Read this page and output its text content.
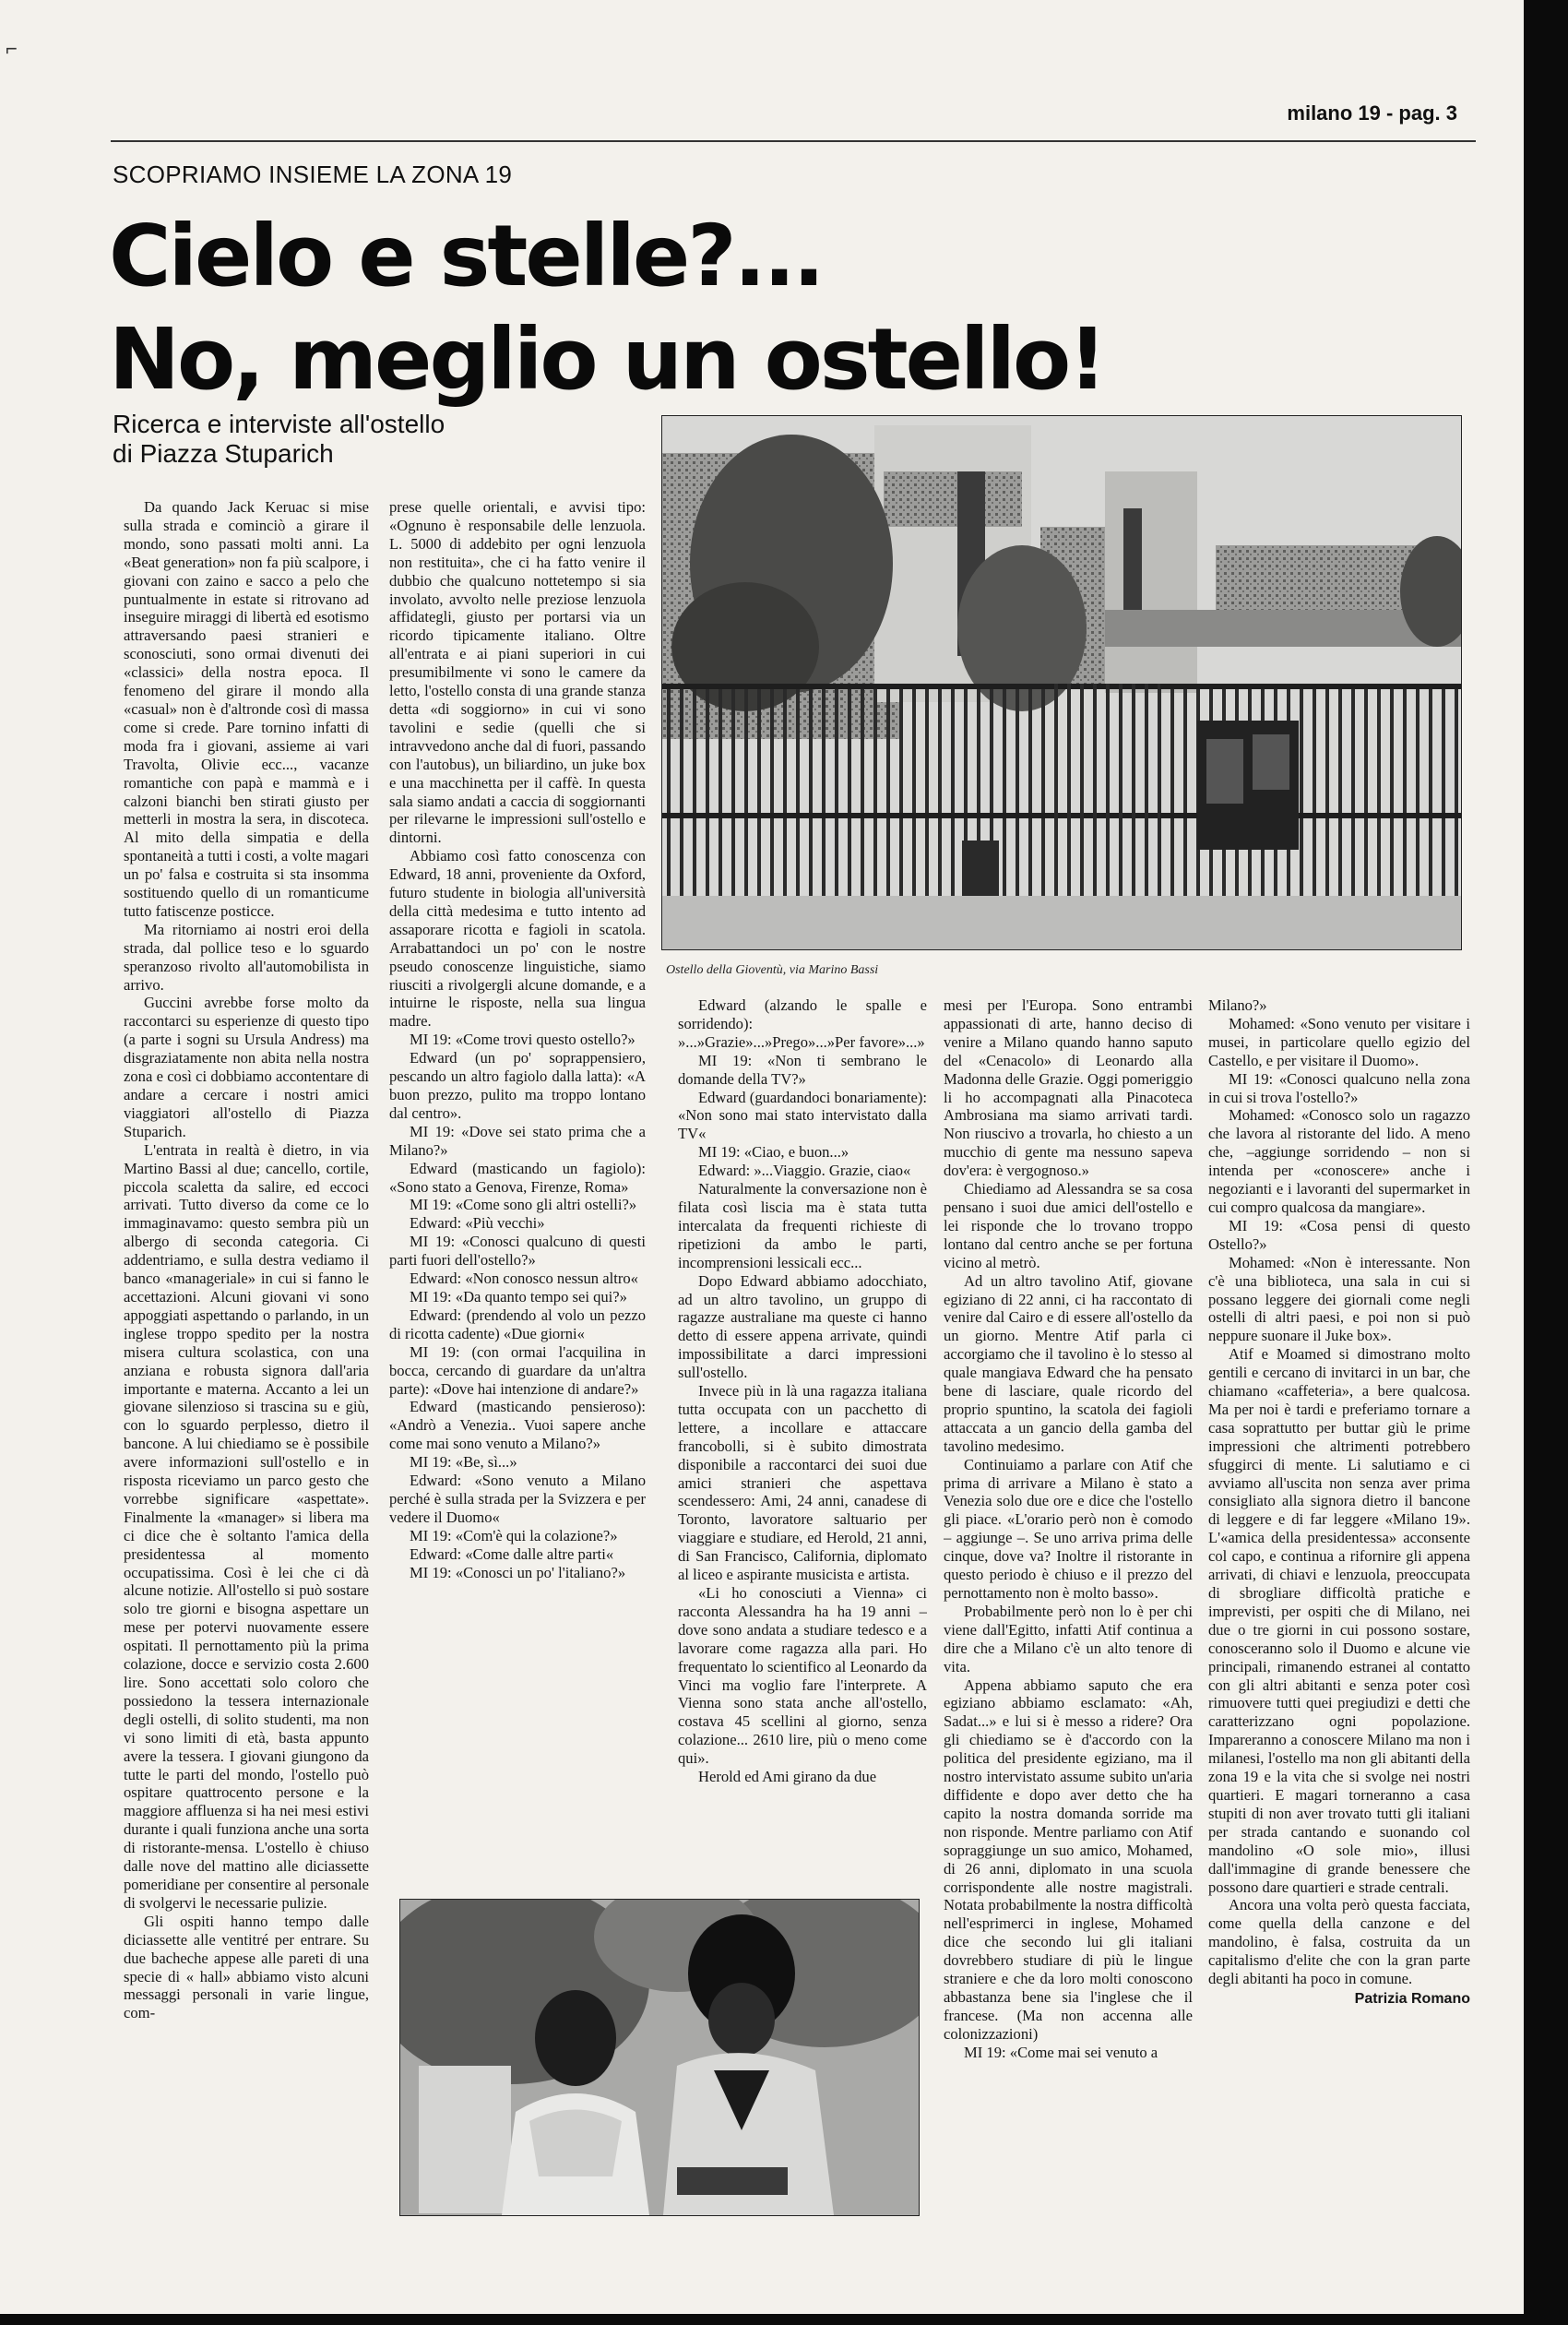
⌐
milano 19 - pag. 3
SCOPRIAMO INSIEME LA ZONA 19
Cielo e stelle?...
No, meglio un ostello!
Ricerca e interviste all'ostello
di Piazza Stuparich
Ostello della Gioventù, via Marino Bassi

Da quando Jack Keruac si mise sulla strada e cominciò a girare il mondo, sono passati molti anni. La «Beat generation» non fa più scalpore, i giovani con zaino e sacco a pelo che puntualmente in estate si ritrovano ad inseguire miraggi di libertà ed esotismo attraversando paesi stranieri e sconosciuti, sono ormai divenuti dei «classici» della nostra epoca. Il fenomeno del girare il mondo alla «casual» non è d'altronde così di massa come si crede. Pare tornino infatti di moda fra i giovani, assieme ai vari Travolta, Olivie ecc..., vacanze romantiche con papà e mammà e i calzoni bianchi ben stirati giusto per metterli in mostra la sera, in discoteca. Al mito della simpatia e della spontaneità a tutti i costi, a volte magari un po' falsa e costruita si sta insomma sostituendo quello di un romanticume tutto fatiscenze posticce.

Ma ritorniamo ai nostri eroi della strada, dal pollice teso e lo sguardo speranzoso rivolto all'automobilista in arrivo.

Guccini avrebbe forse molto da raccontarci su esperienze di questo tipo (a parte i sogni su Ursula Andress) ma disgraziatamente non abita nella nostra zona e così ci dobbiamo accontentare di andare a cercare i nostri amici viaggiatori all'ostello di Piazza Stuparich.

L'entrata in realtà è dietro, in via Martino Bassi al due; cancello, cortile, piccola scaletta da salire, ed eccoci arrivati. Tutto diverso da come ce lo immaginavamo: questo sembra più un albergo di seconda categoria. Ci addentriamo, e sulla destra vediamo il banco «manageriale» in cui si fanno le accettazioni. Alcuni giovani vi sono appoggiati aspettando o parlando, in un inglese troppo spedito per la nostra misera cultura scolastica, con una anziana e robusta signora dall'aria importante e materna. Accanto a lei un giovane silenzioso si trascina su e giù, con lo sguardo perplesso, dietro il bancone. A lui chiediamo se è possibile avere informazioni sull'ostello e in risposta riceviamo un parco gesto che vorrebbe significare «aspettate». Finalmente la «manager» si libera ma ci dice che è soltanto l'amica della presidentessa al momento occupatissima. Così è lei che ci dà alcune notizie. All'ostello si può sostare solo tre giorni e bisogna aspettare un mese per potervi nuovamente essere ospitati. Il pernottamento più la prima colazione, docce e servizio costa 2.600 lire. Sono accettati solo coloro che possiedono la tessera internazionale degli ostelli, di solito studenti, ma non vi sono limiti di età, basta appunto avere la tessera. I giovani giungono da tutte le parti del mondo, l'ostello può ospitare quattrocento persone e la maggiore affluenza si ha nei mesi estivi durante i quali funziona anche una sorta di ristorante-mensa. L'ostello è chiuso dalle nove del mattino alle diciassette pomeridiane per consentire al personale di svolgervi le necessarie pulizie.

Gli ospiti hanno tempo dalle diciassette alle ventitré per entrare. Su due bacheche appese alle pareti di una specie di « hall» abbiamo visto alcuni messaggi personali in varie lingue, com-

prese quelle orientali, e avvisi tipo: «Ognuno è responsabile delle lenzuola. L. 5000 di addebito per ogni lenzuola non restituita», che ci ha fatto venire il dubbio che qualcuno nottetempo si sia involato, avvolto nelle preziose lenzuola affidategli, giusto per portarsi via un ricordo tipicamente italiano. Oltre all'entrata e ai piani superiori in cui presumibilmente vi sono le camere da letto, l'ostello consta di una grande stanza detta «di soggiorno» in cui vi sono tavolini e sedie (quelli che si intravvedono anche dal di fuori, passando con l'autobus), un biliardino, un juke box e una macchinetta per il caffè. In questa sala siamo andati a caccia di soggiornanti per rilevarne le impressioni sull'ostello e dintorni.

Abbiamo così fatto conoscenza con Edward, 18 anni, proveniente da Oxford, futuro studente in biologia all'università della città medesima e tutto intento ad assaporare ricotta e fagioli in scatola. Arrabattandoci un po' con le nostre pseudo conoscenze linguistiche, siamo riusciti a rivolgergli alcune domande, e a intuirne le risposte, nella sua lingua madre.

MI 19: «Come trovi questo ostello?»

Edward (un po' soprappensiero, pescando un altro fagiolo dalla latta): «A buon prezzo, pulito ma troppo lontano dal centro».

MI 19: «Dove sei stato prima che a Milano?»

Edward (masticando un fagiolo): «Sono stato a Genova, Firenze, Roma»

MI 19: «Come sono gli altri ostelli?»

Edward: «Più vecchi»

MI 19: «Conosci qualcuno di questi parti fuori dell'ostello?»

Edward: «Non conosco nessun altro«

MI 19: «Da quanto tempo sei qui?»

Edward: (prendendo al volo un pezzo di ricotta cadente) «Due giorni«

MI 19: (con ormai l'acquilina in bocca, cercando di guardare da un'altra parte): «Dove hai intenzione di andare?»

Edward (masticando pensieroso): «Andrò a Venezia.. Vuoi sapere anche come mai sono venuto a Milano?»

MI 19: «Be, sì...»

Edward: «Sono venuto a Milano perché è sulla strada per la Svizzera e per vedere il Duomo«

MI 19: «Com'è qui la colazione?»

Edward: «Come dalle altre parti«

MI 19: «Conosci un po' l'italiano?»

Edward (alzando le spalle e sorridendo): »...»Grazie»...»Prego»...»Per favore»...»

MI 19: «Non ti sembrano le domande della TV?»

Edward (guardandoci bonariamente): «Non sono mai stato intervistato dalla TV«

MI 19: «Ciao, e buon...»

Edward: »...Viaggio. Grazie, ciao«

Naturalmente la conversazione non è filata così liscia ma è stata tutta intercalata da frequenti richieste di ripetizioni da ambo le parti, incomprensioni lessicali ecc...

Dopo Edward abbiamo adocchiato, ad un altro tavolino, un gruppo di ragazze australiane ma queste ci hanno detto di essere appena arrivate, quindi impossibilitate a darci impressioni sull'ostello.

Invece più in là una ragazza italiana tutta occupata con un pacchetto di lettere, a incollare e attaccare francobolli, si è subito dimostrata disponibile a raccontarci dei suoi due amici stranieri che aspettava scendessero: Ami, 24 anni, canadese di Toronto, lavoratore saltuario per viaggiare e studiare, ed Herold, 21 anni, di San Francisco, California, diplomato al liceo e aspirante musicista e artista.

«Li ho conosciuti a Vienna» ci racconta Alessandra ha ha 19 anni – dove sono andata a studiare tedesco e a lavorare come ragazza alla pari. Ho frequentato lo scientifico al Leonardo da Vinci ma voglio fare l'interprete. A Vienna sono stata anche all'ostello, costava 45 scellini al giorno, senza colazione... 2610 lire, più o meno come qui».

Herold ed Ami girano da due

mesi per l'Europa. Sono entrambi appassionati di arte, hanno deciso di venire a Milano quando hanno saputo del «Cenacolo» di Leonardo alla Madonna delle Grazie. Oggi pomeriggio li ho accompagnati alla Pinacoteca Ambrosiana ma siamo arrivati tardi. Non riuscivo a trovarla, ho chiesto a un mucchio di gente ma nessuno sapeva dov'era: è vergognoso.»

Chiediamo ad Alessandra se sa cosa pensano i suoi due amici dell'ostello e lei risponde che lo trovano troppo lontano dal centro anche se per fortuna vicino al metrò.

Ad un altro tavolino Atif, giovane egiziano di 22 anni, ci ha raccontato di venire dal Cairo e di essere all'ostello da un giorno. Mentre Atif parla ci accorgiamo che il tavolino è lo stesso al quale mangiava Edward che ha pensato bene di lasciare, quale ricordo del proprio spuntino, la scatola dei fagioli attaccata a un gancio della gamba del tavolino medesimo.

Continuiamo a parlare con Atif che prima di arrivare a Milano è stato a Venezia solo due ore e dice che l'ostello gli piace. «L'orario però non è comodo – aggiunge –. Se uno arriva prima delle cinque, dove va? Inoltre il ristorante in questo periodo è chiuso e il prezzo del pernottamento non è molto basso».

Probabilmente però non lo è per chi viene dall'Egitto, infatti Atif continua a dire che a Milano c'è un alto tenore di vita.

Appena abbiamo saputo che era egiziano abbiamo esclamato: «Ah, Sadat...» e lui si è messo a ridere? Ora gli chiediamo se è d'accordo con la politica del presidente egiziano, ma il nostro intervistato assume subito un'aria diffidente e dopo aver detto che ha capito la nostra domanda sorride ma non risponde. Mentre parliamo con Atif sopraggiunge un suo amico, Mohamed, di 26 anni, diplomato in una scuola corrispondente alle nostre magistrali. Notata probabilmente la nostra difficoltà nell'esprimerci in inglese, Mohamed dice che secondo lui gli italiani dovrebbero studiare di più le lingue straniere e che da loro molti conoscono abbastanza bene sia l'inglese che il francese. (Ma non accenna alle colonizzazioni)

MI 19: «Come mai sei venuto a

Milano?»

Mohamed: «Sono venuto per visitare i musei, in particolare quello egizio del Castello, e per visitare il Duomo».

MI 19: «Conosci qualcuno nella zona in cui si trova l'ostello?»

Mohamed: «Conosco solo un ragazzo che lavora al ristorante del lido. A meno che, –aggiunge sorridendo – non si intenda per «conoscere» anche i negozianti e i lavoranti del supermarket in cui compro qualcosa da mangiare».

MI 19: «Cosa pensi di questo Ostello?»

Mohamed: «Non è interessante. Non c'è una biblioteca, una sala in cui si possano leggere dei giornali come negli ostelli di altri paesi, e poi non si può neppure suonare il Juke box».

Atif e Moamed si dimostrano molto gentili e cercano di invitarci in un bar, che chiamano «caffeteria», a bere qualcosa. Ma per noi è tardi e preferiamo tornare a casa soprattutto per buttar giù le prime impressioni che altrimenti potrebbero sfuggirci di mente. Li salutiamo e ci avviamo all'uscita non senza aver prima consigliato alla signora dietro il bancone di leggere e di far leggere «Milano 19». L'«amica della presidentessa» acconsente col capo, e continua a rifornire gli appena arrivati, di chiavi e lenzuola, preoccupata di sbrogliare difficoltà pratiche e imprevisti, per ospiti che di Milano, nei due o tre giorni in cui possono sostare, conosceranno solo il Duomo e alcune vie principali, rimanendo estranei al contatto con gli altri abitanti e senza poter così rimuovere tutti quei pregiudizi e detti che caratterizzano ogni popolazione. Impareranno a conoscere Milano ma non i milanesi, l'ostello ma non gli abitanti della zona 19 e la vita che si svolge nei nostri quartieri. E magari torneranno a casa stupiti di non aver trovato tutti gli italiani per strada cantando e suonando col mandolino «O sole mio», illusi dall'immagine di grande benessere che possono dare quartieri e strade centrali.

Ancora una volta però questa facciata, come quella della canzone e del mandolino, è falsa, costruita da un capitalismo d'elite che con la gran parte degli abitanti ha poco in comune.

Patrizia Romano
